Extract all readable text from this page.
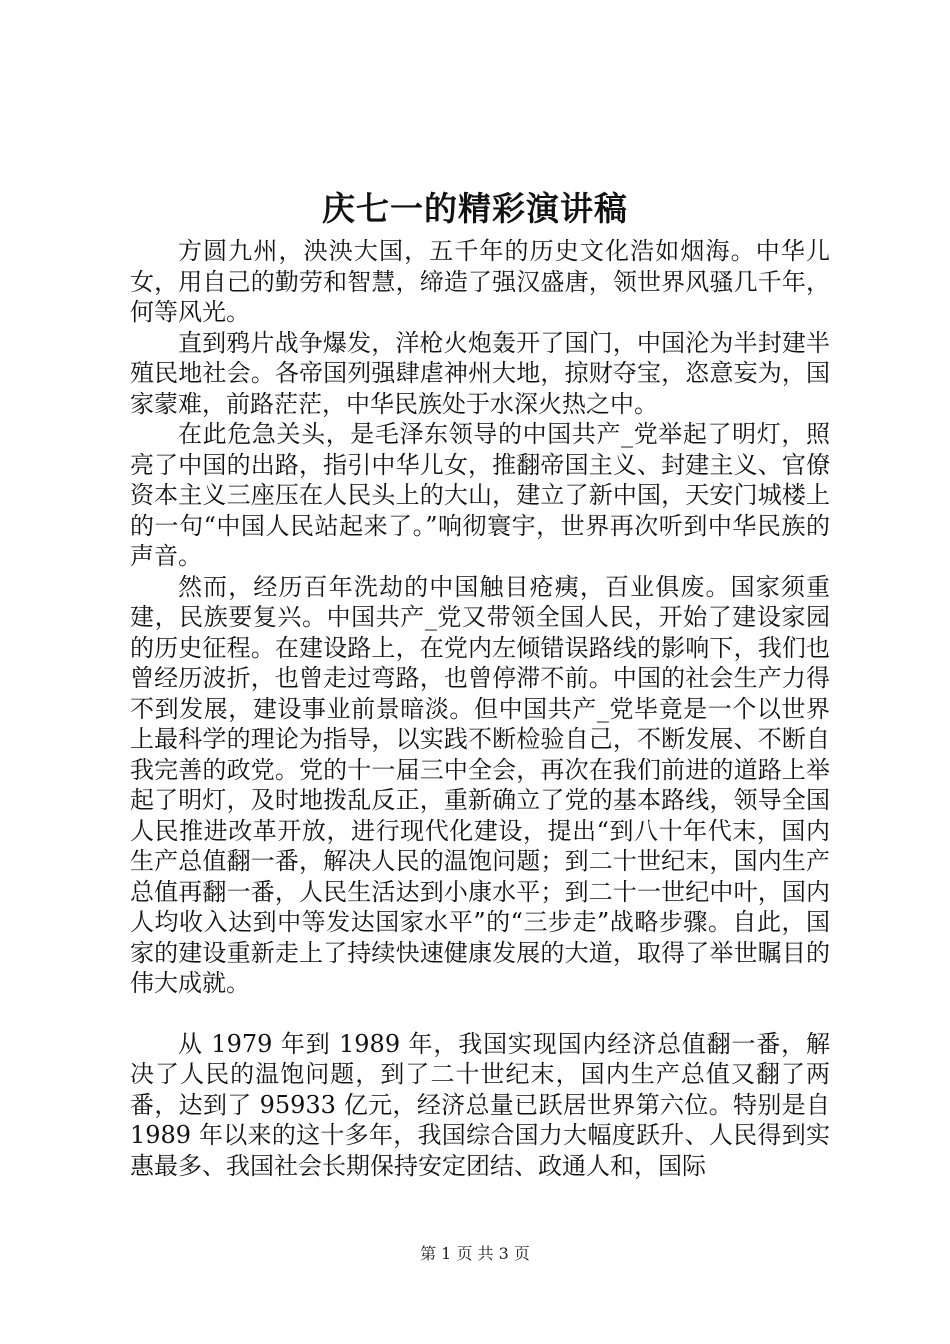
庆七一的精彩演讲稿

方圆九州，泱泱大国，五千年的历史文化浩如烟海。中华儿女，用自己的勤劳和智慧，缔造了强汉盛唐，领世界风骚几千年，何等风光。

直到鸦片战争爆发，洋枪火炮轰开了国门，中国沦为半封建半殖民地社会。各帝国列强肆虐神州大地，掠财夺宝，恣意妄为，国家蒙难，前路茫茫，中华民族处于水深火热之中。

在此危急关头，是毛泽东领导的中国共产_党举起了明灯，照亮了中国的出路，指引中华儿女，推翻帝国主义、封建主义、官僚资本主义三座压在人民头上的大山，建立了新中国，天安门城楼上的一句“中国人民站起来了。”响彻寰宇，世界再次听到中华民族的声音。

然而，经历百年洗劫的中国触目疮痍，百业俱废。国家须重建，民族要复兴。中国共产_党又带领全国人民，开始了建设家园的历史征程。在建设路上，在党内左倾错误路线的影响下，我们也曾经历波折，也曾走过弯路，也曾停滞不前。中国的社会生产力得不到发展，建设事业前景暗淡。但中国共产_党毕竟是一个以世界上最科学的理论为指导，以实践不断检验自己，不断发展、不断自我完善的政党。党的十一届三中全会，再次在我们前进的道路上举起了明灯，及时地拨乱反正，重新确立了党的基本路线，领导全国人民推进改革开放，进行现代化建设，提出“到八十年代末，国内生产总值翻一番，解决人民的温饱问题；到二十世纪末，国内生产总值再翻一番，人民生活达到小康水平；到二十一世纪中叶，国内人均收入达到中等发达国家水平”的“三步走”战略步骤。自此，国家的建设重新走上了持续快速健康发展的大道，取得了举世瞩目的伟大成就。

从 1979 年到 1989 年，我国实现国内经济总值翻一番，解决了人民的温饱问题，到了二十世纪末，国内生产总值又翻了两番，达到了 95933 亿元，经济总量已跃居世界第六位。特别是自 1989 年以来的这十多年，我国综合国力大幅度跃升、人民得到实惠最多、我国社会长期保持安定团结、政通人和，国际

第 1 页 共 3 页
